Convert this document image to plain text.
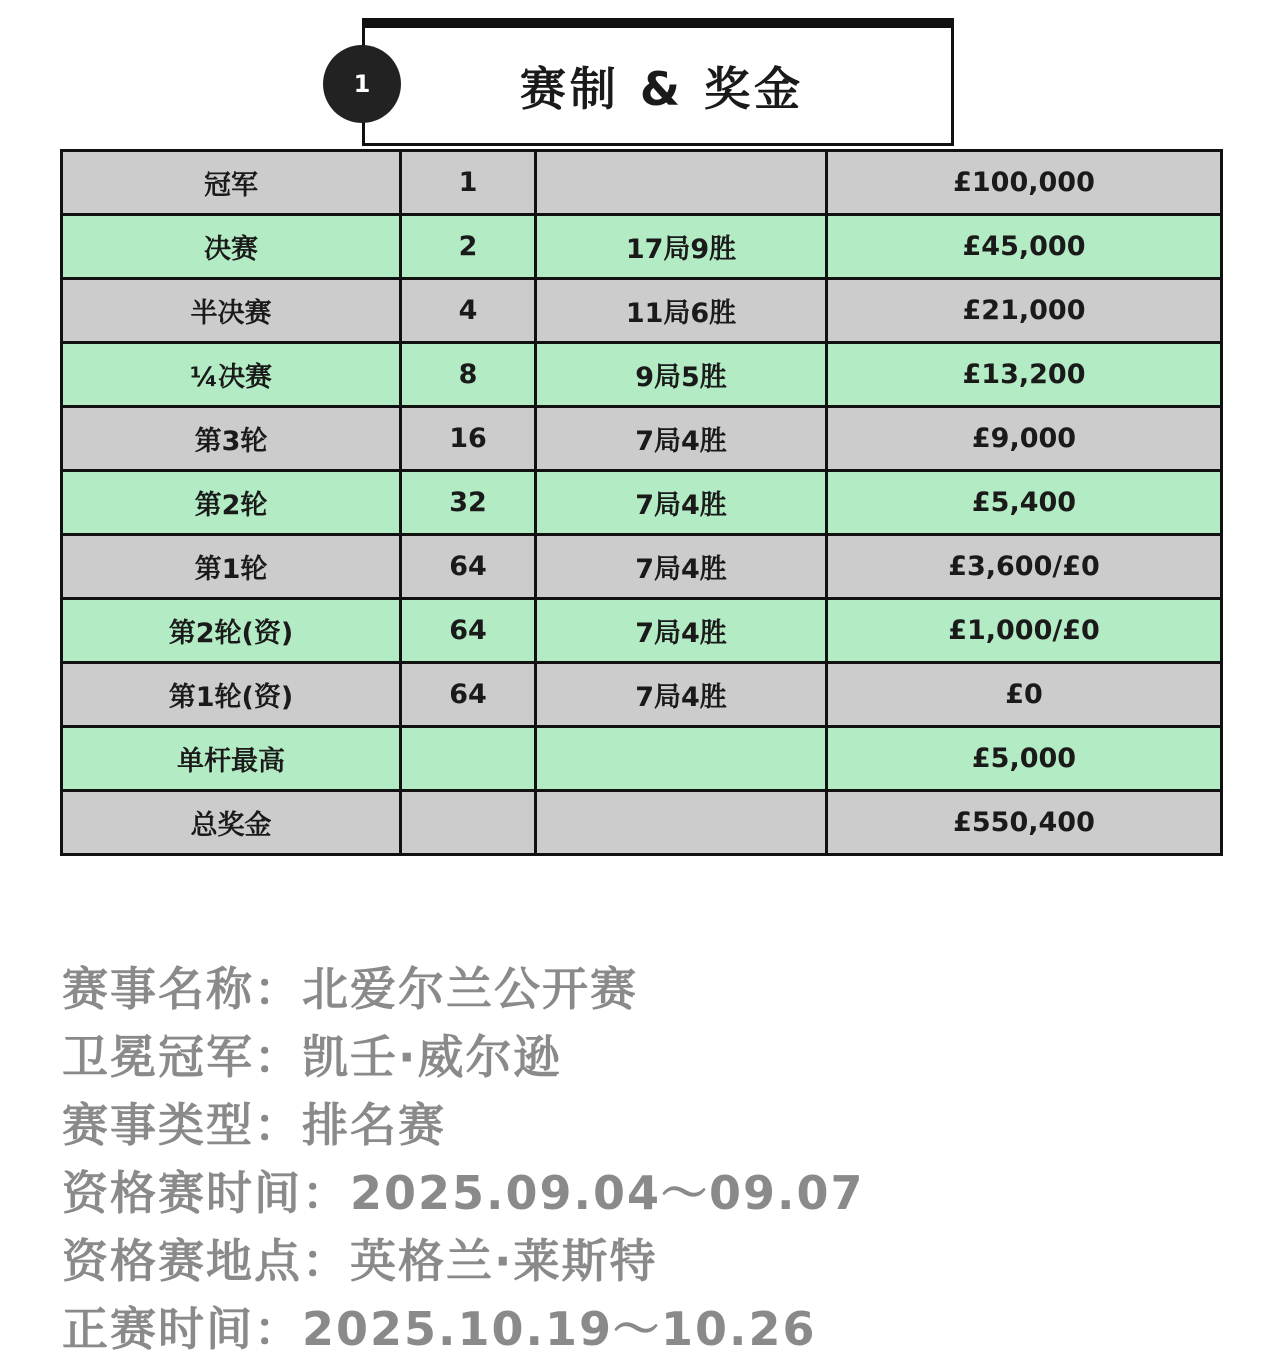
1	赛制 & 奖金
冠军	1		£100,000
决赛	2	17局9胜	£45,000
半决赛	4	11局6胜	£21,000
¼决赛	8	9局5胜	£13,200
第3轮	16	7局4胜	£9,000
第2轮	32	7局4胜	£5,400
第1轮	64	7局4胜	£3,600/£0
第2轮(资)	64	7局4胜	£1,000/£0
第1轮(资)	64	7局4胜	£0
单杆最高			£5,000
总奖金			£550,400
赛事名称：北爱尔兰公开赛
卫冕冠军：凯壬·威尔逊
赛事类型：排名赛
资格赛时间：2025.09.04～09.07
资格赛地点：英格兰·莱斯特
正赛时间：2025.10.19～10.26
